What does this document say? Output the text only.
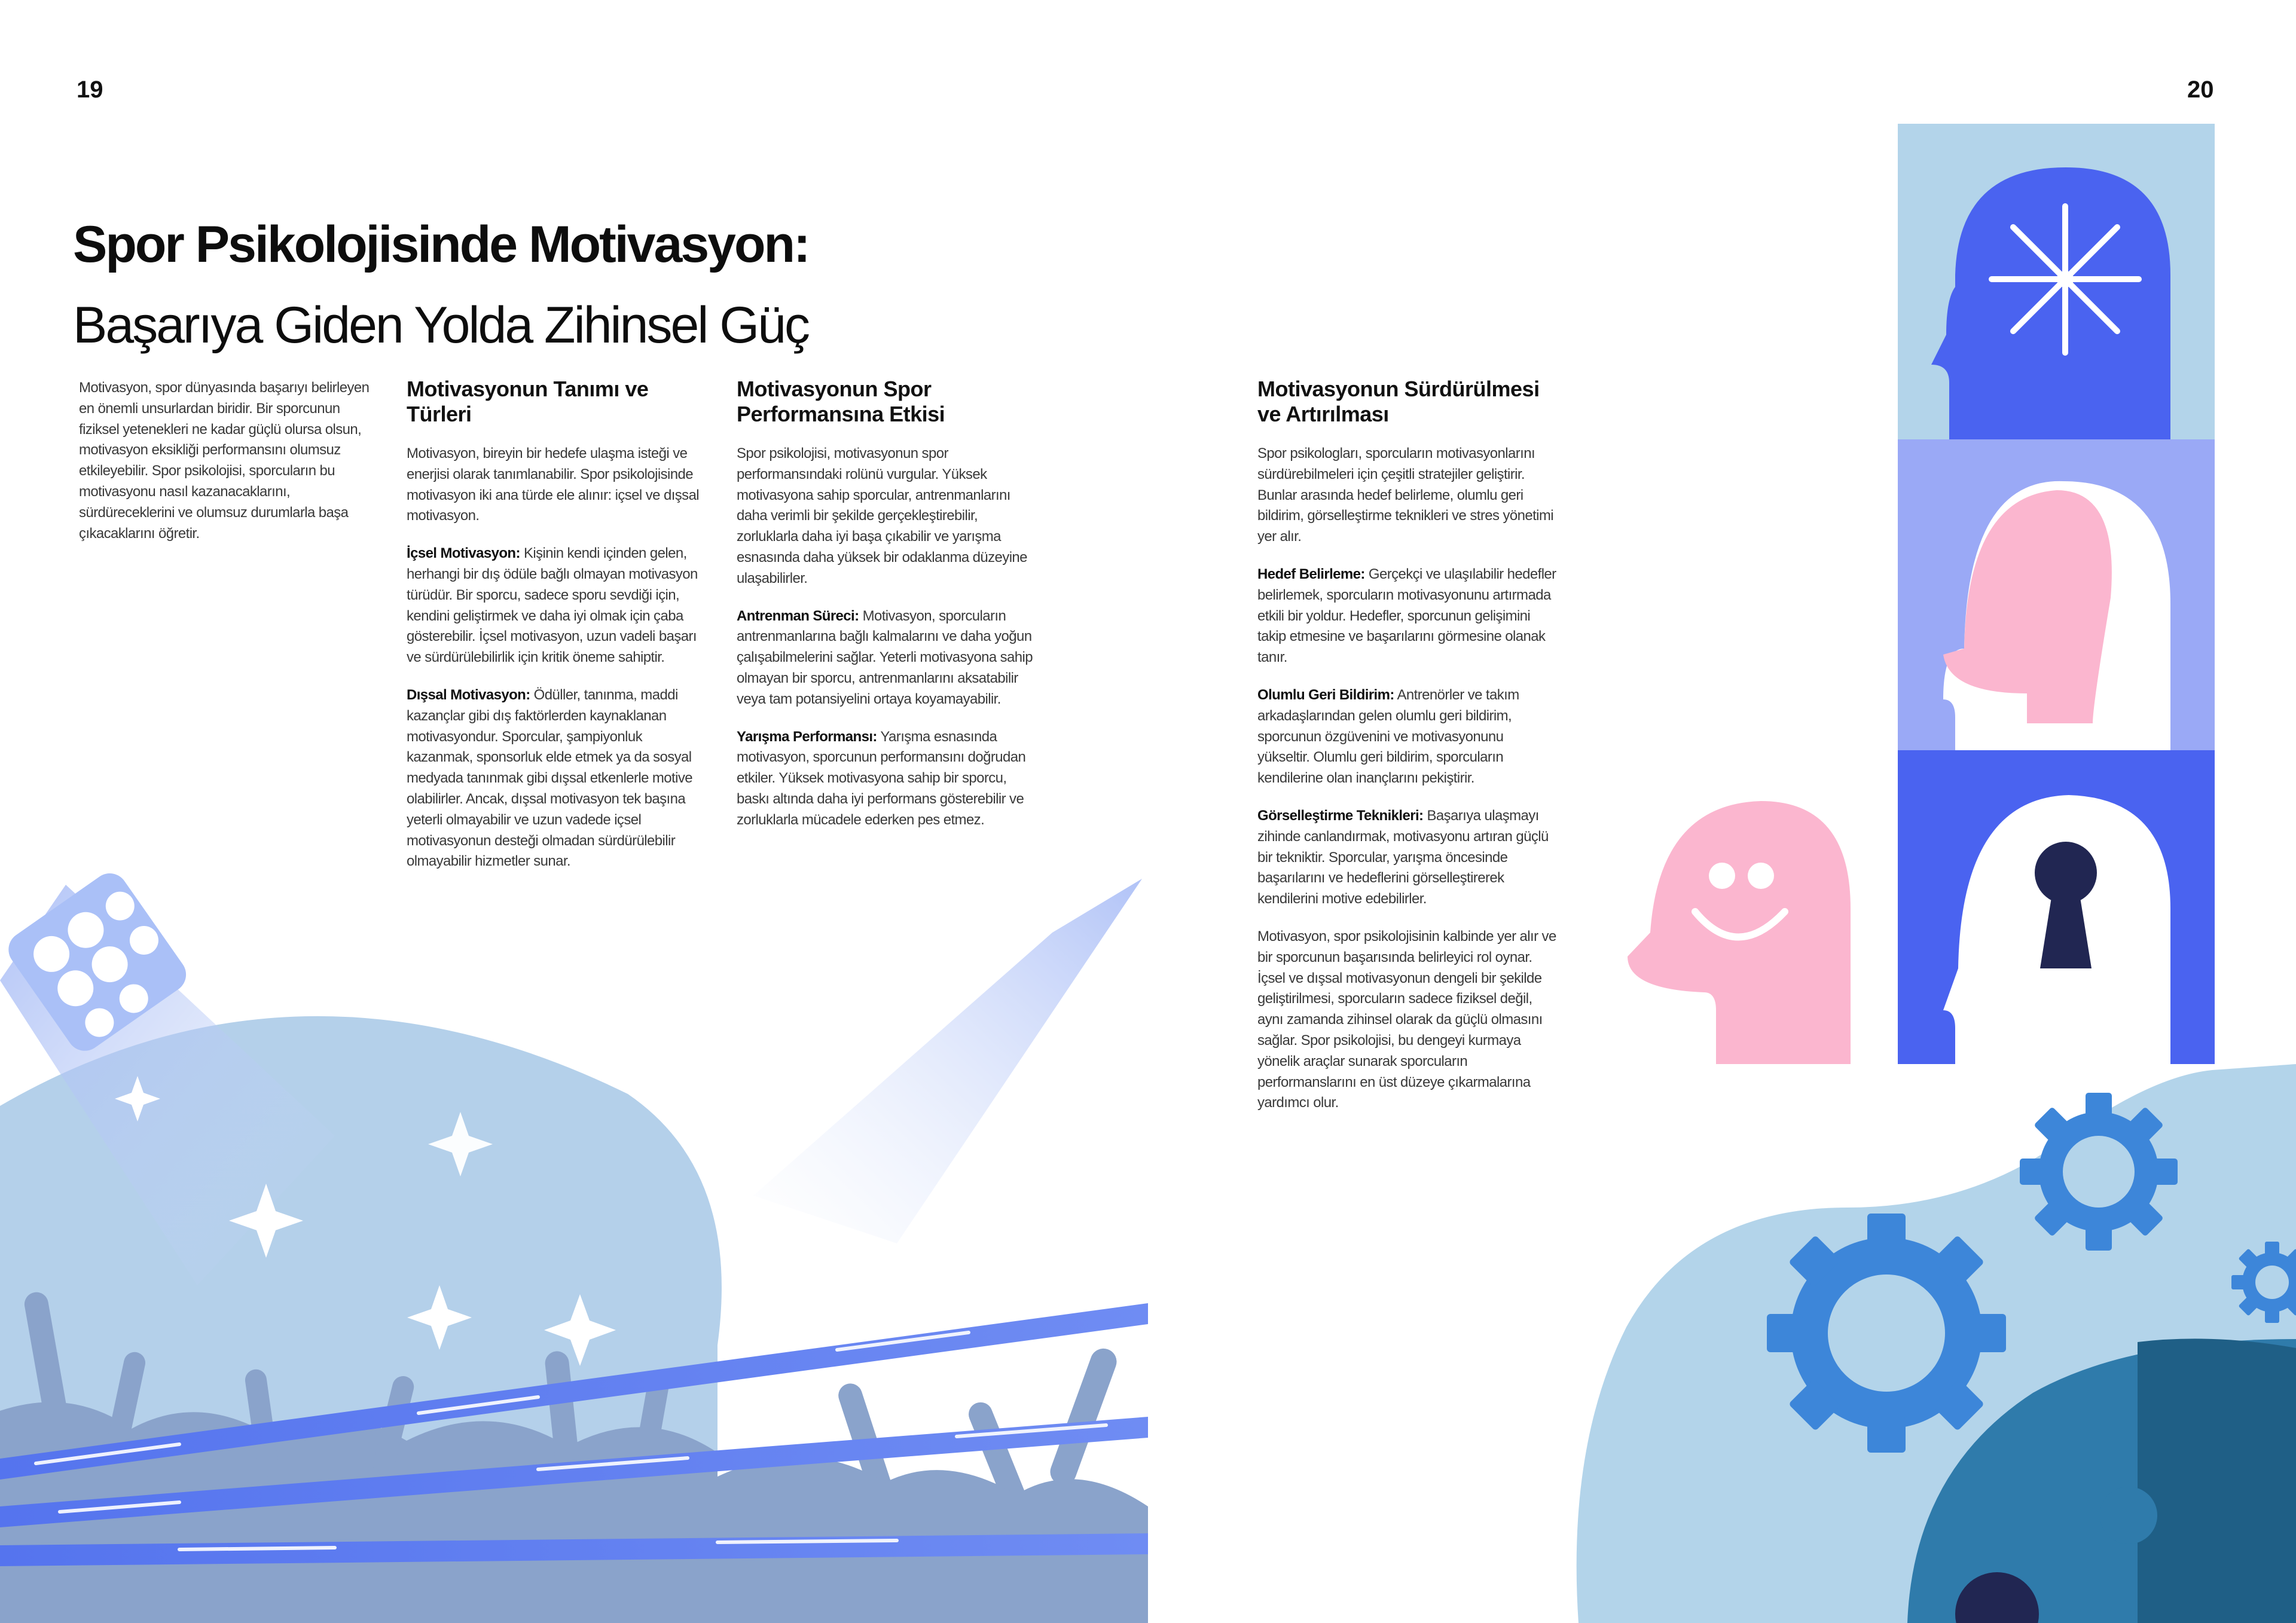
19	20
Spor Psikolojisinde Motivasyon:
Başarıya Giden Yolda Zihinsel Güç

Motivasyon, spor dünyasında başarıyı belirleyen en önemli unsurlardan biridir. Bir sporcunun fiziksel yetenekleri ne kadar güçlü olursa olsun, motivasyon eksikliği performansını olumsuz etkileyebilir. Spor psikolojisi, sporcuların bu motivasyonu nasıl kazanacaklarını, sürdüreceklerini ve olumsuz durumlarla başa çıkacaklarını öğretir.

Motivasyonun Tanımı ve Türleri

Motivasyon, bireyin bir hedefe ulaşma isteği ve enerjisi olarak tanımlanabilir. Spor psikolojisinde motivasyon iki ana türde ele alınır: içsel ve dışsal motivasyon.

İçsel Motivasyon: Kişinin kendi içinden gelen, herhangi bir dış ödüle bağlı olmayan motivasyon türüdür. Bir sporcu, sadece sporu sevdiği için, kendini geliştirmek ve daha iyi olmak için çaba gösterebilir. İçsel motivasyon, uzun vadeli başarı ve sürdürülebilirlik için kritik öneme sahiptir.

Dışsal Motivasyon: Ödüller, tanınma, maddi kazançlar gibi dış faktörlerden kaynaklanan motivasyondur. Sporcular, şampiyonluk kazanmak, sponsorluk elde etmek ya da sosyal medyada tanınmak gibi dışsal etkenlerle motive olabilirler. Ancak, dışsal motivasyon tek başına yeterli olmayabilir ve uzun vadede içsel motivasyonun desteği olmadan sürdürülebilir olmayabilir hizmetler sunar.

Motivasyonun Spor Performansına Etkisi

Spor psikolojisi, motivasyonun spor performansındaki rolünü vurgular. Yüksek motivasyona sahip sporcular, antrenmanlarını daha verimli bir şekilde gerçekleştirebilir, zorluklarla daha iyi başa çıkabilir ve yarışma esnasında daha yüksek bir odaklanma düzeyine ulaşabilirler.

Antrenman Süreci: Motivasyon, sporcuların antrenmanlarına bağlı kalmalarını ve daha yoğun çalışabilmelerini sağlar. Yeterli motivasyona sahip olmayan bir sporcu, antrenmanlarını aksatabilir veya tam potansiyelini ortaya koyamayabilir.

Yarışma Performansı: Yarışma esnasında motivasyon, sporcunun performansını doğrudan etkiler. Yüksek motivasyona sahip bir sporcu, baskı altında daha iyi performans gösterebilir ve zorluklarla mücadele ederken pes etmez.

Motivasyonun Sürdürülmesi ve Artırılması

Spor psikologları, sporcuların motivasyonlarını sürdürebilmeleri için çeşitli stratejiler geliştirir. Bunlar arasında hedef belirleme, olumlu geri bildirim, görselleştirme teknikleri ve stres yönetimi yer alır.

Hedef Belirleme: Gerçekçi ve ulaşılabilir hedefler belirlemek, sporcuların motivasyonunu artırmada etkili bir yoldur. Hedefler, sporcunun gelişimini takip etmesine ve başarılarını görmesine olanak tanır.

Olumlu Geri Bildirim: Antrenörler ve takım arkadaşlarından gelen olumlu geri bildirim, sporcunun özgüvenini ve motivasyonunu yükseltir. Olumlu geri bildirim, sporcuların kendilerine olan inançlarını pekiştirir.

Görselleştirme Teknikleri: Başarıya ulaşmayı zihinde canlandırmak, motivasyonu artıran güçlü bir tekniktir. Sporcular, yarışma öncesinde başarılarını ve hedeflerini görselleştirerek kendilerini motive edebilirler.

Motivasyon, spor psikolojisinin kalbinde yer alır ve bir sporcunun başarısında belirleyici rol oynar. İçsel ve dışsal motivasyonun dengeli bir şekilde geliştirilmesi, sporcuların sadece fiziksel değil, aynı zamanda zihinsel olarak da güçlü olmasını sağlar. Spor psikolojisi, bu dengeyi kurmaya yönelik araçlar sunarak sporcuların performanslarını en üst düzeye çıkarmalarına yardımcı olur.
